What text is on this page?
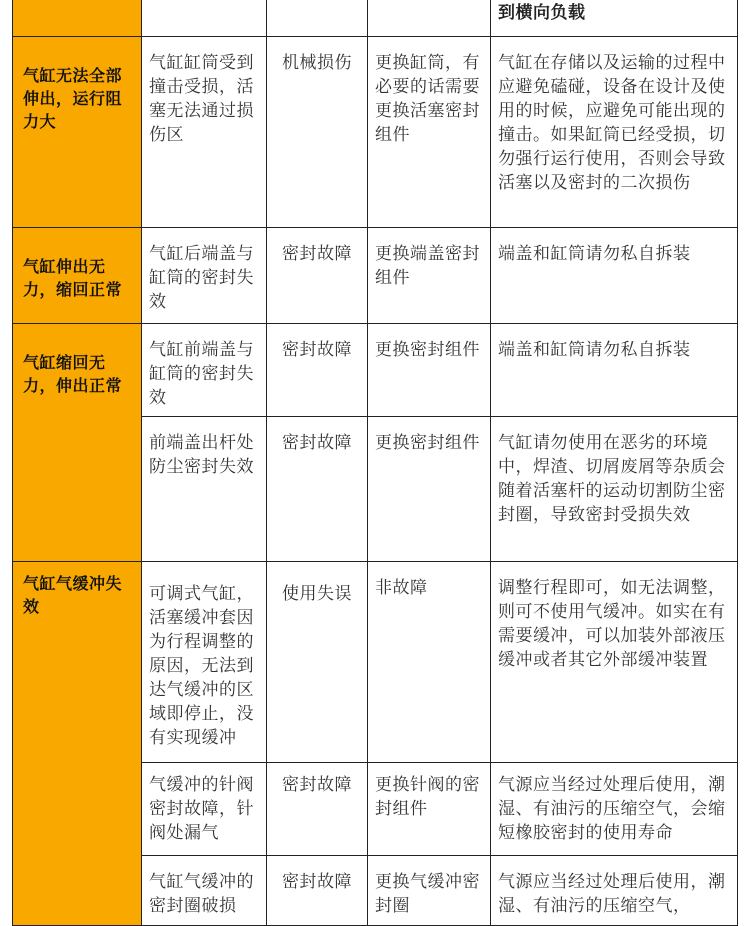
				到横向负载

气缸无法全部伸出，运行阻力大	气缸缸筒受到撞击受损，活塞无法通过损伤区	机械损伤	更换缸筒，有必要的话需要更换活塞密封组件	气缸在存储以及运输的过程中应避免磕碰，设备在设计及使用的时候，应避免可能出现的撞击。如果缸筒已经受损，切勿强行运行使用，否则会导致活塞以及密封的二次损伤

气缸伸出无力，缩回正常	气缸后端盖与缸筒的密封失效	密封故障	更换端盖密封组件	端盖和缸筒请勿私自拆装

气缸缩回无力，伸出正常	气缸前端盖与缸筒的密封失效	密封故障	更换密封组件	端盖和缸筒请勿私自拆装

	前端盖出杆处防尘密封失效	密封故障	更换密封组件	气缸请勿使用在恶劣的环境中，焊渣、切屑废屑等杂质会随着活塞杆的运动切割防尘密封圈，导致密封受损失效

气缸气缓冲失效	可调式气缸，活塞缓冲套因为行程调整的原因，无法到达气缓冲的区域即停止，没有实现缓冲	使用失误	非故障	调整行程即可，如无法调整，则可不使用气缓冲。如实在有需要缓冲，可以加装外部液压缓冲或者其它外部缓冲装置

	气缓冲的针阀密封故障，针阀处漏气	密封故障	更换针阀的密封组件	气源应当经过处理后使用，潮湿、有油污的压缩空气，会缩短橡胶密封的使用寿命

	气缸气缓冲的密封圈破损	密封故障	更换气缓冲密封圈	气源应当经过处理后使用，潮湿、有油污的压缩空气，
